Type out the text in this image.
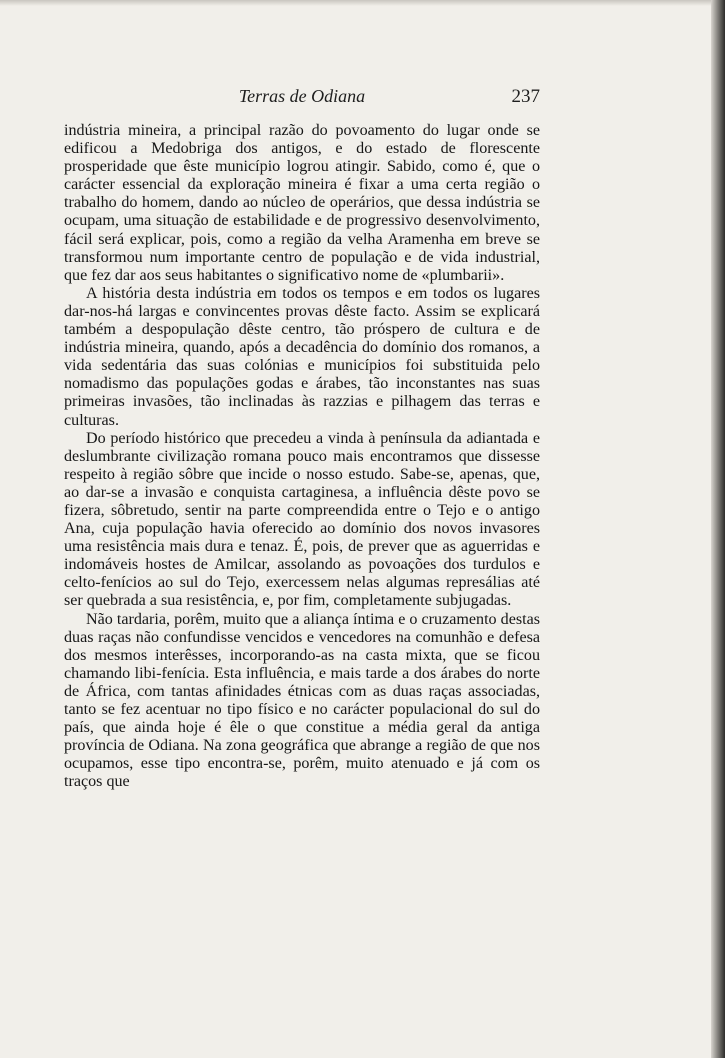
Terras de Odiana	237

indústria mineira, a principal razão do povoamento do lugar onde se edificou a Medobriga dos antigos, e do estado de florescente prosperidade que êste município logrou atingir. Sabido, como é, que o carácter essencial da exploração mineira é fixar a uma certa região o trabalho do homem, dando ao núcleo de operários, que dessa indústria se ocupam, uma situação de estabilidade e de progressivo desenvolvimento, fácil será explicar, pois, como a região da velha Aramenha em breve se transformou num importante centro de população e de vida industrial, que fez dar aos seus habitantes o significativo nome de «plumbarii».

A história desta indústria em todos os tempos e em todos os lugares dar-nos-há largas e convincentes provas dêste facto. Assim se explicará também a despopulação dêste centro, tão próspero de cultura e de indústria mineira, quando, após a decadência do domínio dos romanos, a vida sedentária das suas colónias e municípios foi substituida pelo nomadismo das populações godas e árabes, tão inconstantes nas suas primeiras invasões, tão inclinadas às razzias e pilhagem das terras e culturas.

Do período histórico que precedeu a vinda à península da adiantada e deslumbrante civilização romana pouco mais encontramos que dissesse respeito à região sôbre que incide o nosso estudo. Sabe-se, apenas, que, ao dar-se a invasão e conquista cartaginesa, a influência dêste povo se fizera, sôbretudo, sentir na parte compreendida entre o Tejo e o antigo Ana, cuja população havia oferecido ao domínio dos novos invasores uma resistência mais dura e tenaz. É, pois, de prever que as aguerridas e indomáveis hostes de Amilcar, assolando as povoações dos turdulos e celto-fenícios ao sul do Tejo, exercessem nelas algumas represálias até ser quebrada a sua resistência, e, por fim, completamente subjugadas.

Não tardaria, porêm, muito que a aliança íntima e o cruzamento destas duas raças não confundisse vencidos e vencedores na comunhão e defesa dos mesmos interêsses, incorporando-as na casta mixta, que se ficou chamando libi-fenícia. Esta influência, e mais tarde a dos árabes do norte de África, com tantas afinidades étnicas com as duas raças associadas, tanto se fez acentuar no tipo físico e no carácter populacional do sul do país, que ainda hoje é êle o que constitue a média geral da antiga província de Odiana. Na zona geográfica que abrange a região de que nos ocupamos, esse tipo encontra-se, porêm, muito atenuado e já com os traços que
